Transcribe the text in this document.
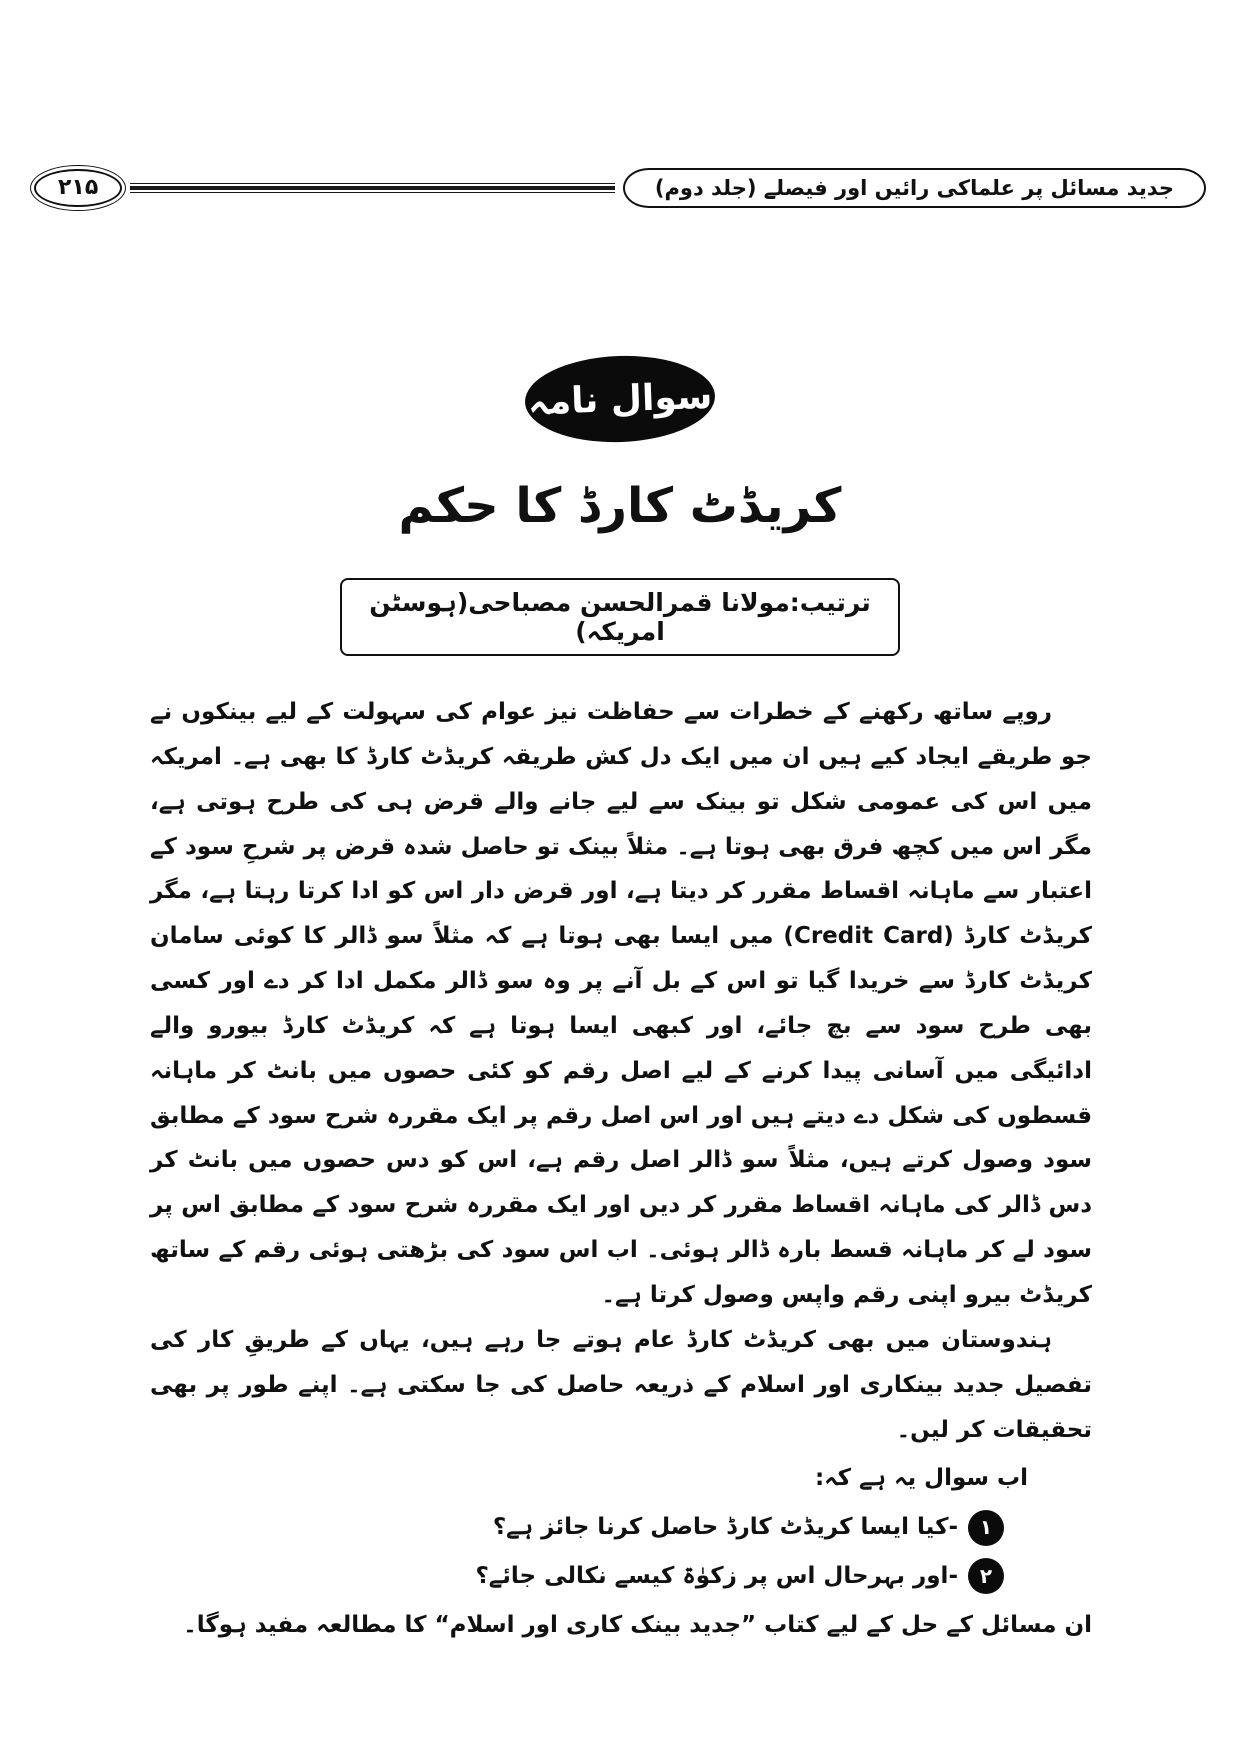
۲۱۵	جدید مسائل پر علماکی رائیں اور فیصلے (جلد دوم)
سوال نامہ
کریڈٹ کارڈ کا حکم
ترتیب:مولانا قمرالحسن مصباحی(ہوسٹن امریکہ)

روپے ساتھ رکھنے کے خطرات سے حفاظت نیز عوام کی سہولت کے لیے بینکوں نے جو طریقے ایجاد کیے ہیں ان میں ایک دل کش طریقہ کریڈٹ کارڈ کا بھی ہے۔ امریکہ میں اس کی عمومی شکل تو بینک سے لیے جانے والے قرض ہی کی طرح ہوتی ہے، مگر اس میں کچھ فرق بھی ہوتا ہے۔ مثلاً بینک تو حاصل شدہ قرض پر شرحِ سود کے اعتبار سے ماہانہ اقساط مقرر کر دیتا ہے، اور قرض دار اس کو ادا کرتا رہتا ہے، مگر کریڈٹ کارڈ (Credit Card) میں ایسا بھی ہوتا ہے کہ مثلاً سو ڈالر کا کوئی سامان کریڈٹ کارڈ سے خریدا گیا تو اس کے بل آنے پر وہ سو ڈالر مکمل ادا کر دے اور کسی بھی طرح سود سے بچ جائے، اور کبھی ایسا ہوتا ہے کہ کریڈٹ کارڈ بیورو والے ادائیگی میں آسانی پیدا کرنے کے لیے اصل رقم کو کئی حصوں میں بانٹ کر ماہانہ قسطوں کی شکل دے دیتے ہیں اور اس اصل رقم پر ایک مقررہ شرح سود کے مطابق سود وصول کرتے ہیں، مثلاً سو ڈالر اصل رقم ہے، اس کو دس حصوں میں بانٹ کر دس ڈالر کی ماہانہ اقساط مقرر کر دیں اور ایک مقررہ شرح سود کے مطابق اس پر سود لے کر ماہانہ قسط بارہ ڈالر ہوئی۔ اب اس سود کی بڑھتی ہوئی رقم کے ساتھ کریڈٹ بیرو اپنی رقم واپس وصول کرتا ہے۔

ہندوستان میں بھی کریڈٹ کارڈ عام ہوتے جا رہے ہیں، یہاں کے طریقِ کار کی تفصیل جدید بینکاری اور اسلام کے ذریعہ حاصل کی جا سکتی ہے۔ اپنے طور پر بھی تحقیقات کر لیں۔

اب سوال یہ ہے کہ:

۱
-کیا ایسا کریڈٹ کارڈ حاصل کرنا جائز ہے؟
۲
-اور بہرحال اس پر زکوٰۃ کیسے نکالی جائے؟

ان مسائل کے حل کے لیے کتاب ”جدید بینک کاری اور اسلام“ کا مطالعہ مفید ہوگا۔
